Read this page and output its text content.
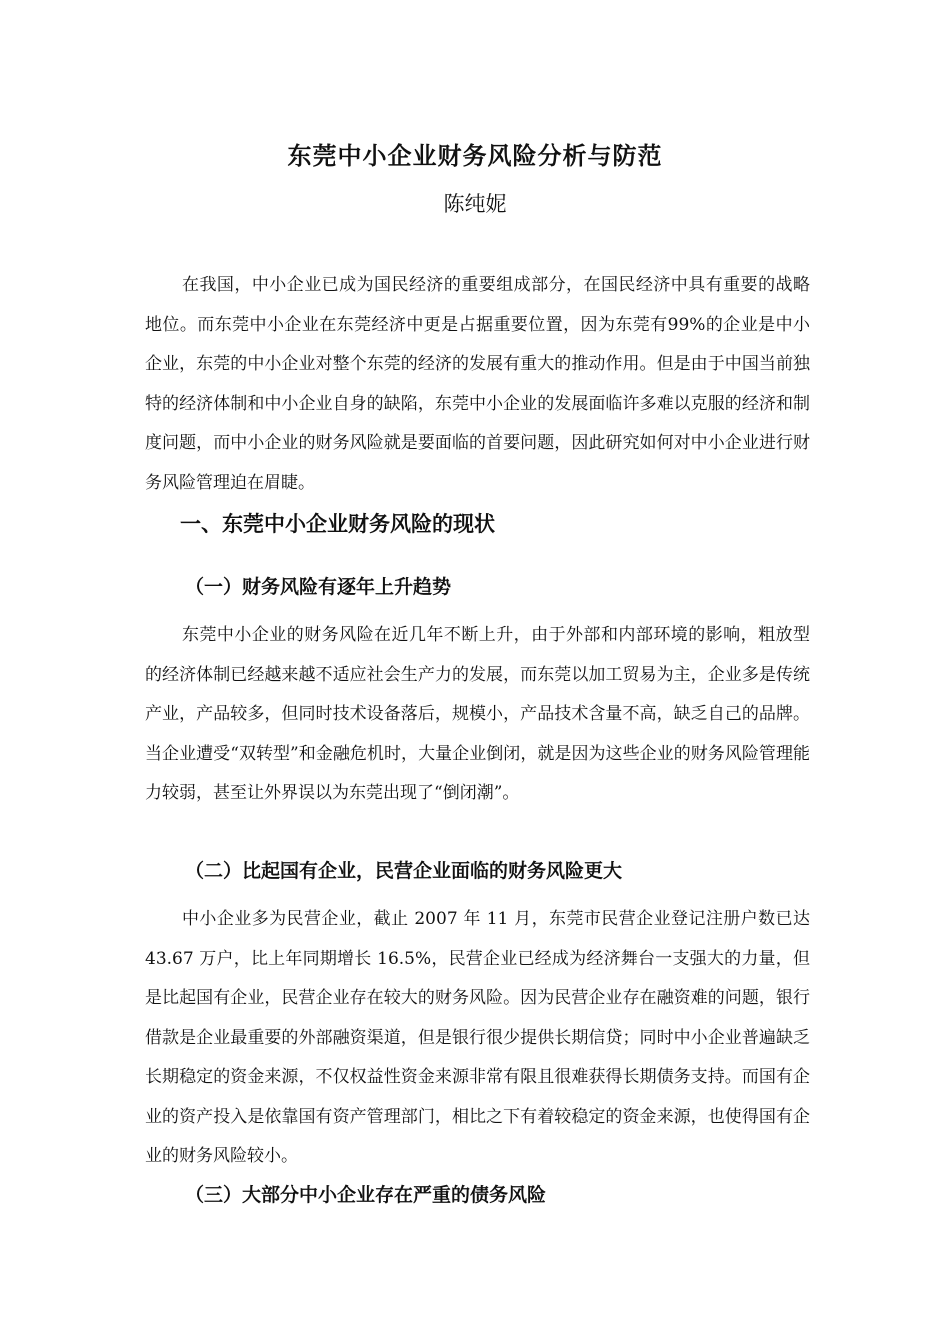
东莞中小企业财务风险分析与防范
陈纯妮

在我国，中小企业已成为国民经济的重要组成部分，在国民经济中具有重要的战略地位。而东莞中小企业在东莞经济中更是占据重要位置，因为东莞有99%的企业是中小企业，东莞的中小企业对整个东莞的经济的发展有重大的推动作用。但是由于中国当前独特的经济体制和中小企业自身的缺陷，东莞中小企业的发展面临许多难以克服的经济和制度问题，而中小企业的财务风险就是要面临的首要问题，因此研究如何对中小企业进行财务风险管理迫在眉睫。

一、东莞中小企业财务风险的现状
（一）财务风险有逐年上升趋势

东莞中小企业的财务风险在近几年不断上升，由于外部和内部环境的影响，粗放型的经济体制已经越来越不适应社会生产力的发展，而东莞以加工贸易为主，企业多是传统产业，产品较多，但同时技术设备落后，规模小，产品技术含量不高，缺乏自己的品牌。当企业遭受“双转型”和金融危机时，大量企业倒闭，就是因为这些企业的财务风险管理能力较弱，甚至让外界误以为东莞出现了“倒闭潮”。

（二）比起国有企业，民营企业面临的财务风险更大

中小企业多为民营企业，截止 2007 年 11 月，东莞市民营企业登记注册户数已达 43.67 万户，比上年同期增长 16.5%，民营企业已经成为经济舞台一支强大的力量，但是比起国有企业，民营企业存在较大的财务风险。因为民营企业存在融资难的问题，银行借款是企业最重要的外部融资渠道，但是银行很少提供长期信贷；同时中小企业普遍缺乏长期稳定的资金来源，不仅权益性资金来源非常有限且很难获得长期债务支持。而国有企业的资产投入是依靠国有资产管理部门，相比之下有着较稳定的资金来源，也使得国有企业的财务风险较小。

（三）大部分中小企业存在严重的债务风险
